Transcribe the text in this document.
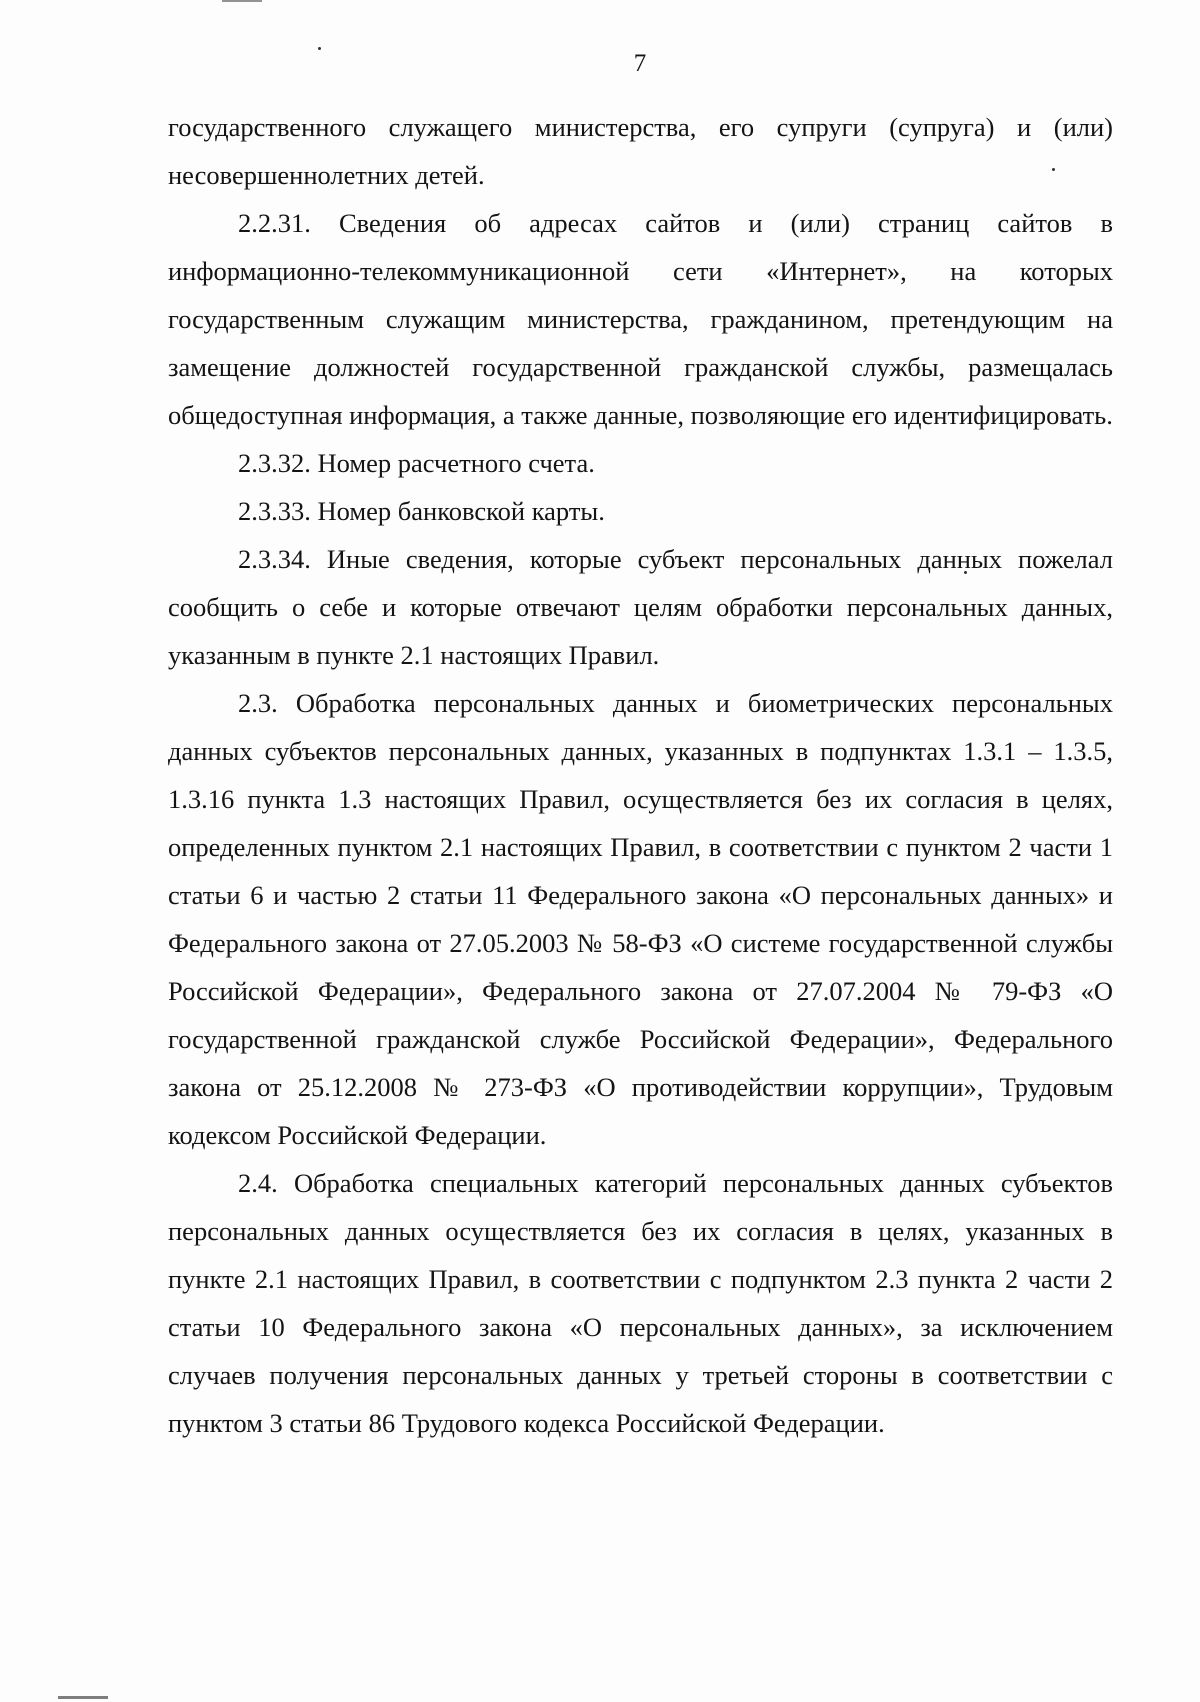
7

государственного служащего министерства, его супруги (супруга) и (или) несовершеннолетних детей.

2.2.31. Сведения об адресах сайтов и (или) страниц сайтов в информационно-телекоммуникационной сети «Интернет», на которых государственным служащим министерства, гражданином, претендующим на замещение должностей государственной гражданской службы, размещалась общедоступная информация, а также данные, позволяющие его идентифицировать.

2.3.32. Номер расчетного счета.

2.3.33. Номер банковской карты.

2.3.34. Иные сведения, которые субъект персональных данных пожелал сообщить о себе и которые отвечают целям обработки персональных данных, указанным в пункте 2.1 настоящих Правил.

2.3. Обработка персональных данных и биометрических персональных данных субъектов персональных данных, указанных в подпунктах 1.3.1 – 1.3.5, 1.3.16 пункта 1.3 настоящих Правил, осуществляется без их согласия в целях, определенных пунктом 2.1 настоящих Правил, в соответствии с пунктом 2 части 1 статьи 6 и частью 2 статьи 11 Федерального закона «О персональных данных» и Федерального закона от 27.05.2003 № 58-ФЗ «О системе государственной службы Российской Федерации», Федерального закона от 27.07.2004 № 79-ФЗ «О государственной гражданской службе Российской Федерации», Федерального закона от 25.12.2008 № 273-ФЗ «О противодействии коррупции», Трудовым кодексом Российской Федерации.

2.4. Обработка специальных категорий персональных данных субъектов персональных данных осуществляется без их согласия в целях, указанных в пункте 2.1 настоящих Правил, в соответствии с подпунктом 2.3 пункта 2 части 2 статьи 10 Федерального закона «О персональных данных», за исключением случаев получения персональных данных у третьей стороны в соответствии с пунктом 3 статьи 86 Трудового кодекса Российской Федерации.
